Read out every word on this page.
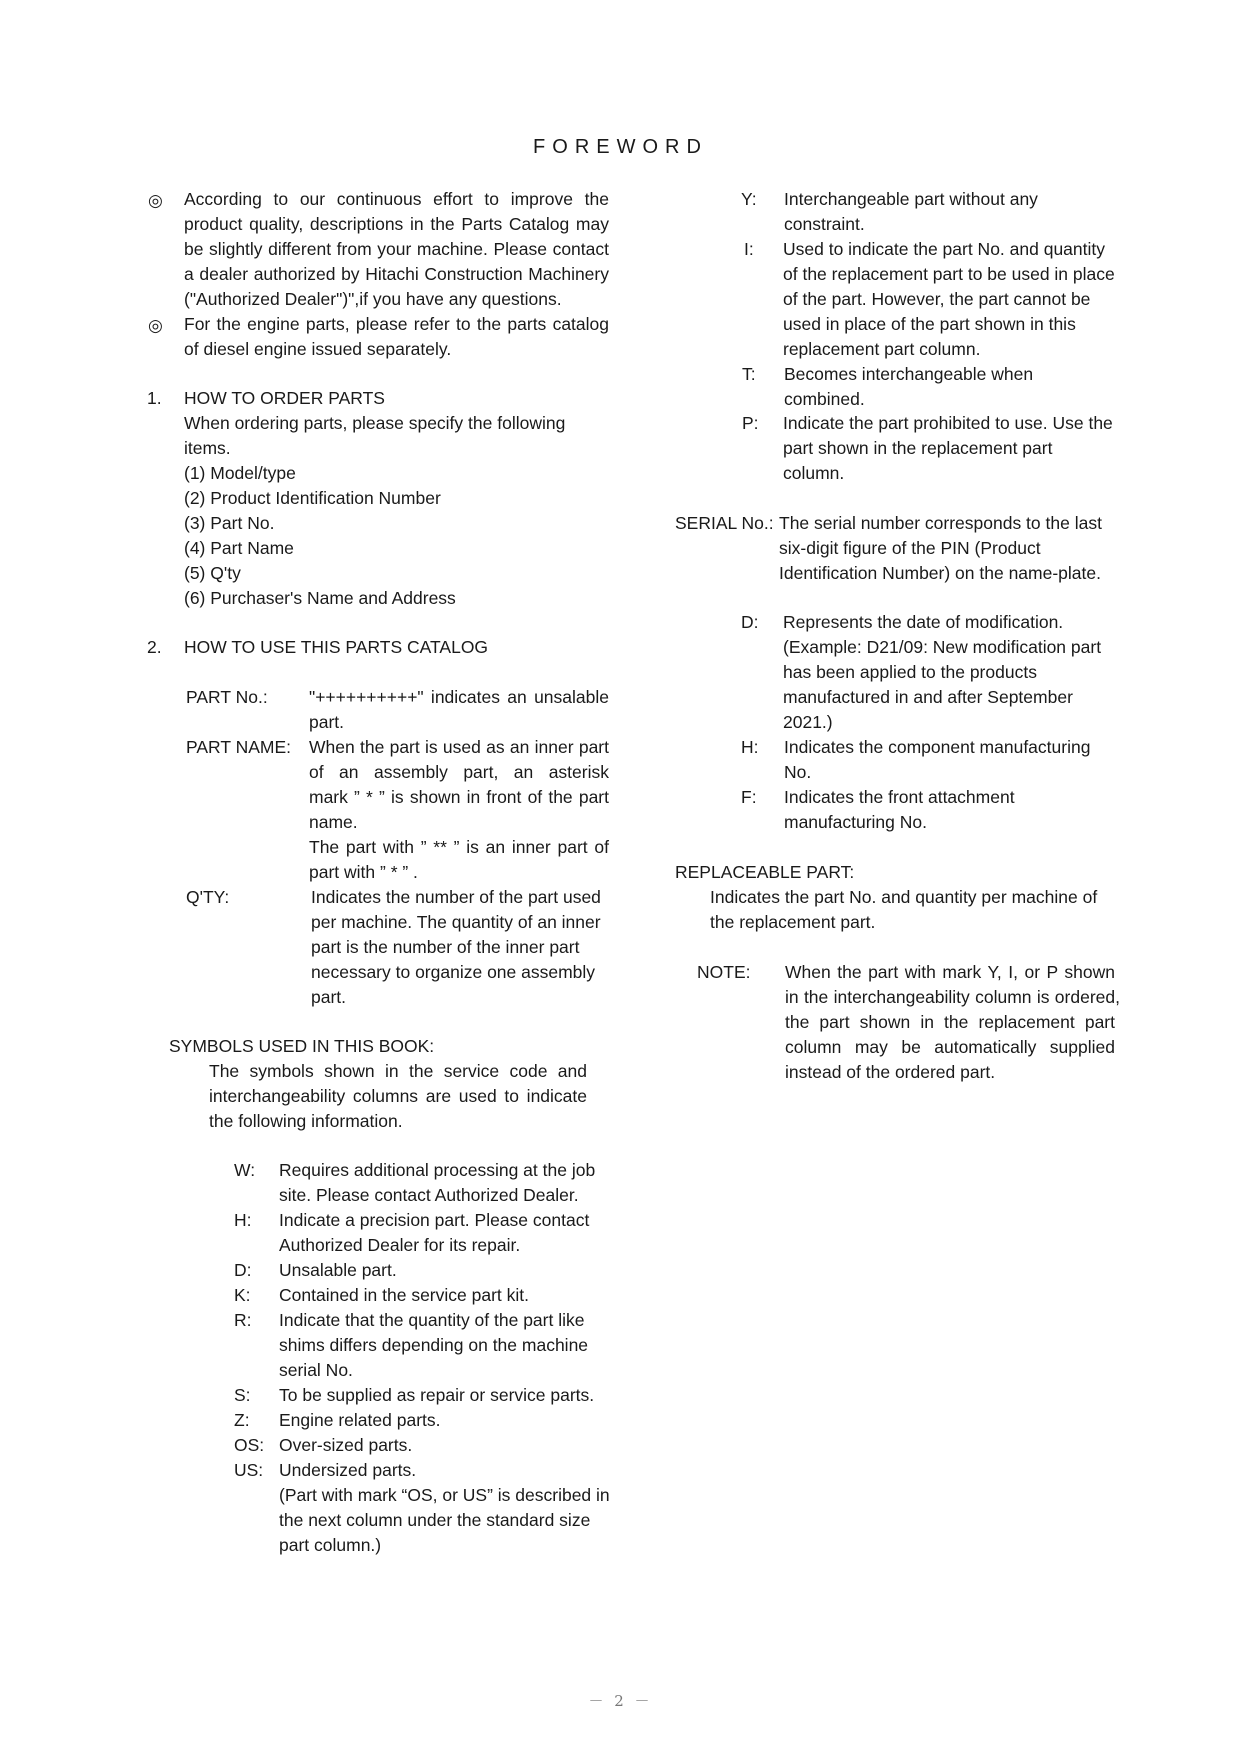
FOREWORD
◎ According to our continuous effort to improve the
product quality, descriptions in the Parts Catalog may
be slightly different from your machine. Please contact
a dealer authorized by Hitachi Construction Machinery
("Authorized Dealer")",if you have any questions.
◎ For the engine parts, please refer to the parts catalog
of diesel engine issued separately.
1. HOW TO ORDER PARTS
When ordering parts, please specify the following
items.
(1) Model/type
(2) Product Identification Number
(3) Part No.
(4) Part Name
(5) Q'ty
(6) Purchaser's Name and Address
2. HOW TO USE THIS PARTS CATALOG
PART No.: "++++++++++" indicates an unsalable
part.
PART NAME: When the part is used as an inner part
of an assembly part, an asterisk
mark ” * ” is shown in front of the part
name.
The part with ” ** ” is an inner part of
part with ” * ” .
Q'TY:	Indicates the number of the part used
per machine. The quantity of an inner
part is the number of the inner part
necessary to organize one assembly
part.
SYMBOLS USED IN THIS BOOK:
The symbols shown in the service code and
interchangeability columns are used to indicate
the following information.
W: Requires additional processing at the job
site. Please contact Authorized Dealer.
H: Indicate a precision part. Please contact
Authorized Dealer for its repair.
D: Unsalable part.
K: Contained in the service part kit.
R: Indicate that the quantity of the part like
shims differs depending on the machine
serial No.
S: To be supplied as repair or service parts.
Z: Engine related parts.
OS: Over-sized parts.
US: Undersized parts.
(Part with mark “OS, or US” is described in
the next column under the standard size
part column.)
Y: Interchangeable part without any
constraint.
I: Used to indicate the part No. and quantity
of the replacement part to be used in place
of the part. However, the part cannot be
used in place of the part shown in this
replacement part column.
T: Becomes interchangeable when
combined.
P: Indicate the part prohibited to use. Use the
part shown in the replacement part
column.
SERIAL No.: The serial number corresponds to the last
six-digit figure of the PIN (Product
Identification Number) on the name-plate.
D: Represents the date of modification.
(Example: D21/09: New modification part
has been applied to the products
manufactured in and after September
2021.)
H: Indicates the component manufacturing
No.
F: Indicates the front attachment
manufacturing No.
REPLACEABLE PART:
Indicates the part No. and quantity per machine of
the replacement part.
NOTE: When the part with mark Y, I, or P shown
in the interchangeability column is ordered,
the part shown in the replacement part
column may be automatically supplied
instead of the ordered part.
－ 2 －
